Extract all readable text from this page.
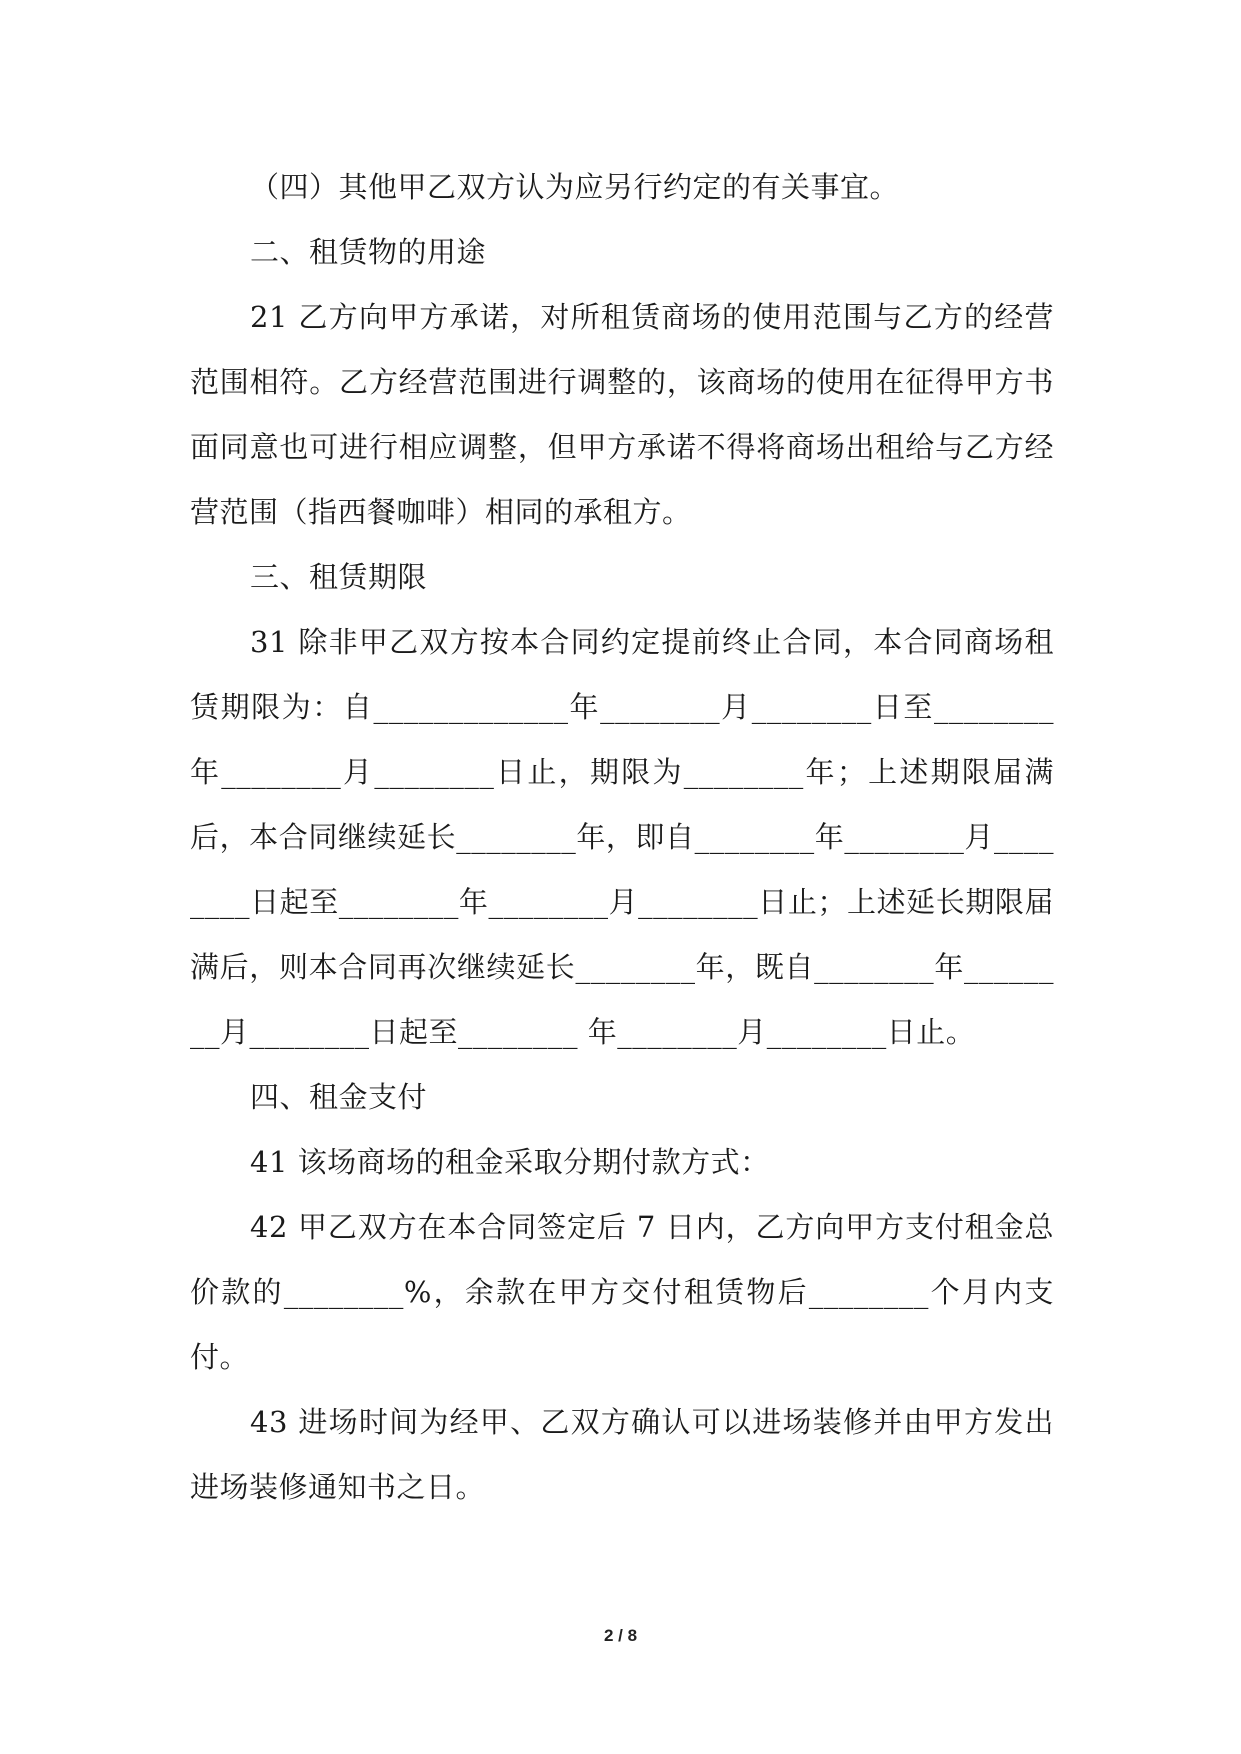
（四）其他甲乙双方认为应另行约定的有关事宜。

二、租赁物的用途

21 乙方向甲方承诺，对所租赁商场的使用范围与乙方的经营范围相符。乙方经营范围进行调整的，该商场的使用在征得甲方书面同意也可进行相应调整，但甲方承诺不得将商场出租给与乙方经营范围（指西餐咖啡）相同的承租方。

三、租赁期限

31 除非甲乙双方按本合同约定提前终止合同，本合同商场租赁期限为：自_____________年________月________日至________年________月________日止，期限为________年；上述期限届满后，本合同继续延长________年，即自________年________月________日起至________年________月________日止；上述延长期限届满后，则本合同再次继续延长________年，既自________年________月________日起至________ 年________月________日止。

四、租金支付

41 该场商场的租金采取分期付款方式：

42 甲乙双方在本合同签定后 7 日内，乙方向甲方支付租金总价款的________%，余款在甲方交付租赁物后________个月内支付。

43 进场时间为经甲、乙双方确认可以进场装修并由甲方发出进场装修通知书之日。

2 / 8
